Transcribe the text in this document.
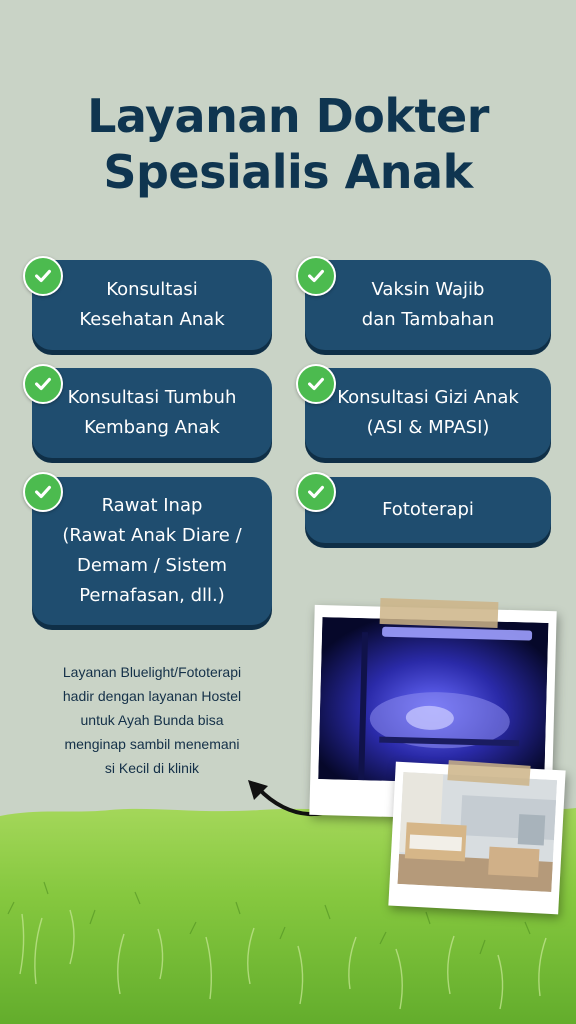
Layanan Dokter
Spesialis Anak
Konsultasi
Kesehatan Anak
Vaksin Wajib
dan Tambahan
Konsultasi Tumbuh
Kembang Anak
Konsultasi Gizi Anak
(ASI & MPASI)
Rawat Inap
(Rawat Anak Diare /
Demam / Sistem
Pernafasan, dll.)
Fototerapi
Layanan Bluelight/Fototerapi
hadir dengan layanan Hostel
untuk Ayah Bunda bisa
menginap sambil menemani
si Kecil di klinik
